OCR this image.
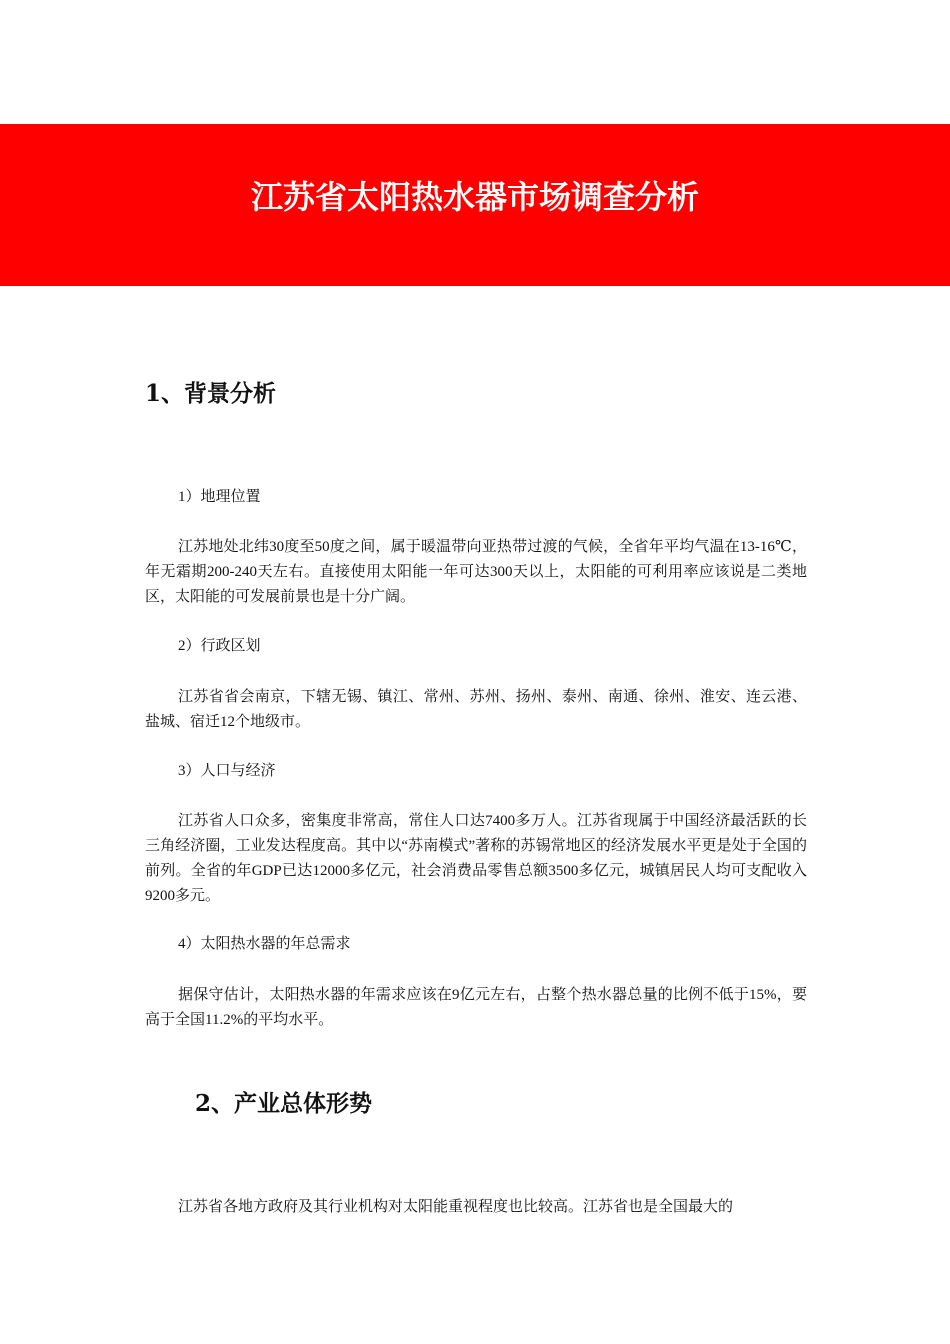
江苏省太阳热水器市场调查分析
1、背景分析
1）地理位置

江苏地处北纬30度至50度之间，属于暖温带向亚热带过渡的气候，全省年平均气温在13-16℃，年无霜期200-240天左右。直接使用太阳能一年可达300天以上，太阳能的可利用率应该说是二类地区，太阳能的可发展前景也是十分广阔。

2）行政区划

江苏省省会南京，下辖无锡、镇江、常州、苏州、扬州、泰州、南通、徐州、淮安、连云港、盐城、宿迁12个地级市。

3）人口与经济

江苏省人口众多，密集度非常高，常住人口达7400多万人。江苏省现属于中国经济最活跃的长三角经济圈，工业发达程度高。其中以“苏南模式”著称的苏锡常地区的经济发展水平更是处于全国的前列。全省的年GDP已达12000多亿元，社会消费品零售总额3500多亿元，城镇居民人均可支配收入9200多元。

4）太阳热水器的年总需求

据保守估计，太阳热水器的年需求应该在9亿元左右，占整个热水器总量的比例不低于15%，要高于全国11.2%的平均水平。

2、产业总体形势

江苏省各地方政府及其行业机构对太阳能重视程度也比较高。江苏省也是全国最大的
